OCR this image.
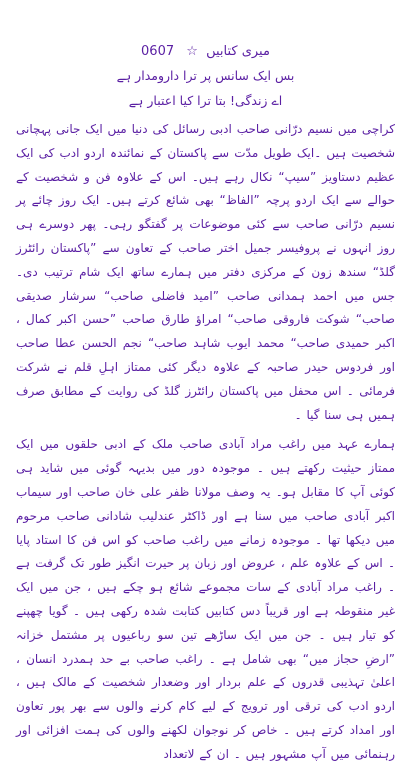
میری کتابیں ☆ 0607
بس ایک سانس پر ترا دارومدار ہے
اے زندگی! بتا ترا کیا اعتبار ہے

کراچی میں نسیم درّانی صاحب ادبی رسائل کی دنیا میں ایک جانی پہچانی شخصیت ہیں ۔ایک طویل مدّت سے پاکستان کے نمائندہ اردو ادب کی ایک عظیم دستاویز ”سیپ“ نکال رہے ہیں۔ اس کے علاوہ فن و شخصیت کے حوالے سے ایک اردو پرچہ ”الفاظ“ بھی شائع کرتے ہیں۔ ایک روز چائے پر نسیم درّانی صاحب سے کئی موضوعات پر گفتگو رہی۔ پھر دوسرے ہی روز انہوں نے پروفیسر جمیل اختر صاحب کے تعاون سے ”پاکستان رائٹرز گلڈ“ سندھ زون کے مرکزی دفتر میں ہمارے ساتھ ایک شام ترتیب دی۔ جس میں احمد ہمدانی صاحب ”امید فاضلی صاحب“ سرشار صدیقی صاحب“ شوکت فاروقی صاحب“ امراؤ طارق صاحب ”حسن اکبر کمال ، اکبر حمیدی صاحب“ محمد ایوب شاہد صاحب“ نجم الحسن عطا صاحب اور فردوس حیدر صاحبہ کے علاوہ دیگر کئی ممتاز اہلِ قلم نے شرکت فرمائی ۔ اس محفل میں پاکستان رائٹرز گلڈ کی روایت کے مطابق صرف ہمیں ہی سنا گیا ۔

ہمارے عہد میں راغب مراد آبادی صاحب ملک کے ادبی حلقوں میں ایک ممتاز حیثیت رکھتے ہیں ۔ موجودہ دور میں بدیہہ گوئی میں شاید ہی کوئی آپ کا مقابل ہو۔ یہ وصف مولانا ظفر علی خان صاحب اور سیماب اکبر آبادی صاحب میں سنا ہے اور ڈاکٹر عندلیب شادانی صاحب مرحوم میں دیکھا تھا ۔ موجودہ زمانے میں راغب صاحب کو اس فن کا استاد پایا ۔ اس کے علاوہ علم ، عروض اور زبان پر حیرت انگیز طور تک گرفت ہے ۔ راغب مراد آبادی کے سات مجموعے شائع ہو چکے ہیں ، جن میں ایک غیر منقوطہ ہے اور قریباً دس کتابیں کتابت شدہ رکھی ہیں ۔ گویا چھپنے کو تیار ہیں ۔ جن میں ایک ساڑھے تین سو رباعیوں پر مشتمل خزانہ ”ارضِ حجاز میں“ بھی شامل ہے ۔ راغب صاحب بے حد ہمدرد انسان ، اعلیٰ تہذیبی قدروں کے علم بردار اور وضعدار شخصیت کے مالک ہیں ، اردو ادب کی ترقی اور ترویج کے لیے کام کرنے والوں سے بھر پور تعاون اور امداد کرتے ہیں ۔ خاص کر نوجوان لکھنے والوں کی ہمت افزائی اور رہنمائی میں آپ مشہور ہیں ۔ ان کے لاتعداد
